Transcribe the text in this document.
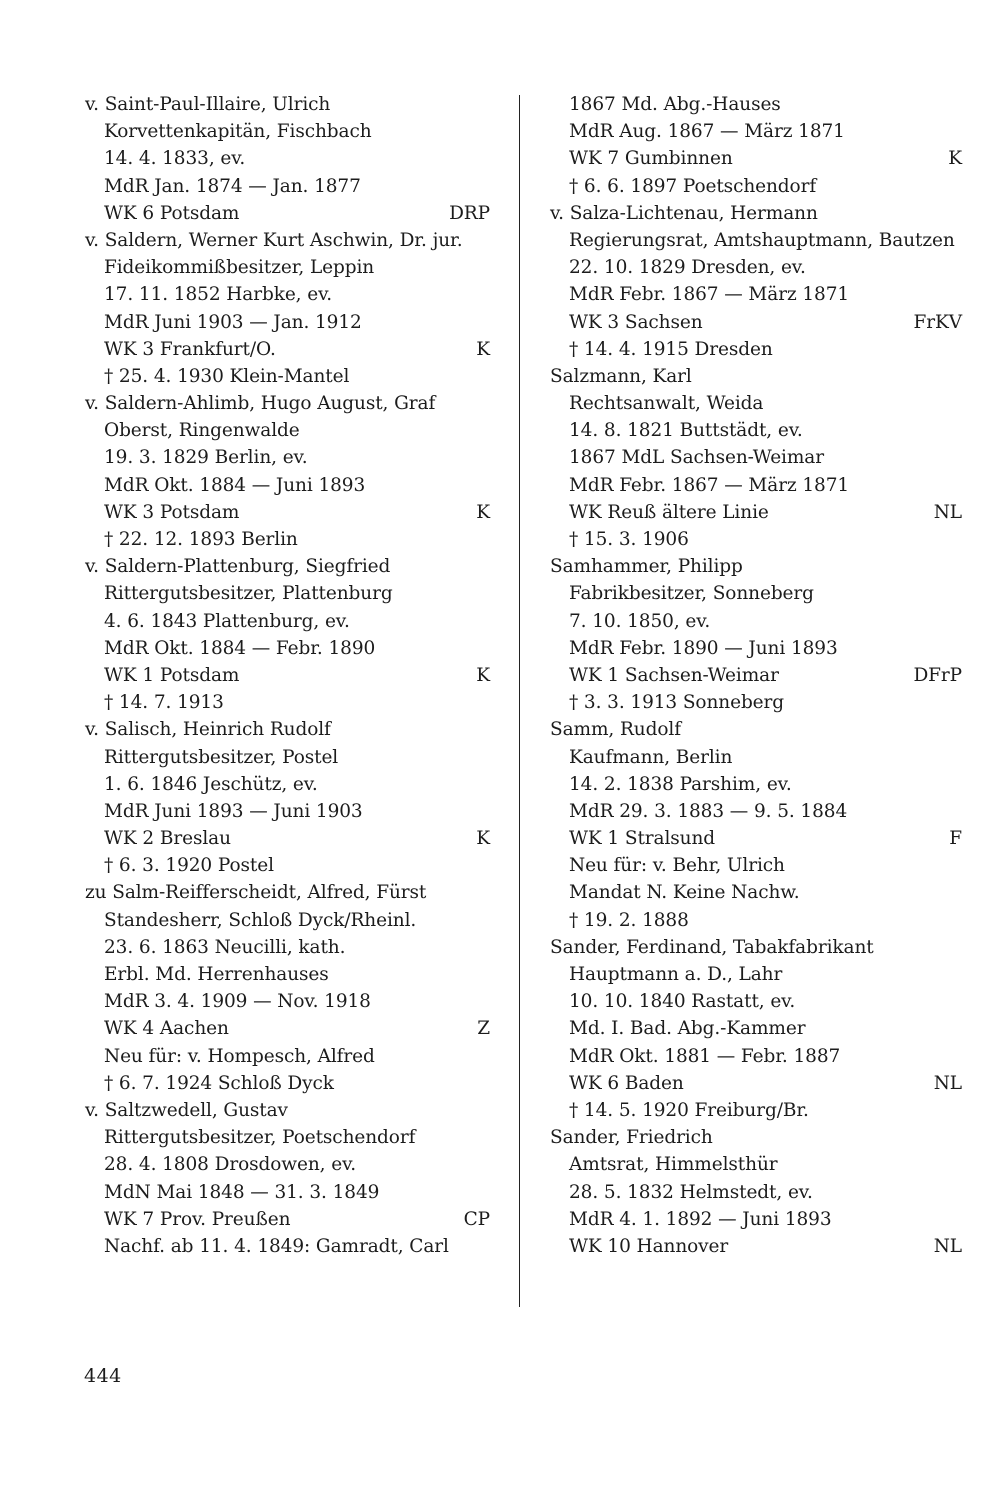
v. Saint-Paul-Illaire, Ulrich
Korvettenkapitän, Fischbach
14. 4. 1833, ev.
MdR Jan. 1874 — Jan. 1877
WK 6 Potsdam	DRP
v. Saldern, Werner Kurt Aschwin, Dr. jur.
Fideikommißbesitzer, Leppin
17. 11. 1852 Harbke, ev.
MdR Juni 1903 — Jan. 1912
WK 3 Frankfurt/O.	K
† 25. 4. 1930 Klein-Mantel
v. Saldern-Ahlimb, Hugo August, Graf
Oberst, Ringenwalde
19. 3. 1829 Berlin, ev.
MdR Okt. 1884 — Juni 1893
WK 3 Potsdam	K
† 22. 12. 1893 Berlin
v. Saldern-Plattenburg, Siegfried
Rittergutsbesitzer, Plattenburg
4. 6. 1843 Plattenburg, ev.
MdR Okt. 1884 — Febr. 1890
WK 1 Potsdam	K
† 14. 7. 1913
v. Salisch, Heinrich Rudolf
Rittergutsbesitzer, Postel
1. 6. 1846 Jeschütz, ev.
MdR Juni 1893 — Juni 1903
WK 2 Breslau	K
† 6. 3. 1920 Postel
zu Salm-Reifferscheidt, Alfred, Fürst
Standesherr, Schloß Dyck/Rheinl.
23. 6. 1863 Neucilli, kath.
Erbl. Md. Herrenhauses
MdR 3. 4. 1909 — Nov. 1918
WK 4 Aachen	Z
Neu für: v. Hompesch, Alfred
† 6. 7. 1924 Schloß Dyck
v. Saltzwedell, Gustav
Rittergutsbesitzer, Poetschendorf
28. 4. 1808 Drosdowen, ev.
MdN Mai 1848 — 31. 3. 1849
WK 7 Prov. Preußen	CP
Nachf. ab 11. 4. 1849: Gamradt, Carl
1867 Md. Abg.-Hauses
MdR Aug. 1867 — März 1871
WK 7 Gumbinnen	K
† 6. 6. 1897 Poetschendorf
v. Salza-Lichtenau, Hermann
Regierungsrat, Amtshauptmann, Bautzen
22. 10. 1829 Dresden, ev.
MdR Febr. 1867 — März 1871
WK 3 Sachsen	FrKV
† 14. 4. 1915 Dresden
Salzmann, Karl
Rechtsanwalt, Weida
14. 8. 1821 Buttstädt, ev.
1867 MdL Sachsen-Weimar
MdR Febr. 1867 — März 1871
WK Reuß ältere Linie	NL
† 15. 3. 1906
Samhammer, Philipp
Fabrikbesitzer, Sonneberg
7. 10. 1850, ev.
MdR Febr. 1890 — Juni 1893
WK 1 Sachsen-Weimar	DFrP
† 3. 3. 1913 Sonneberg
Samm, Rudolf
Kaufmann, Berlin
14. 2. 1838 Parshim, ev.
MdR 29. 3. 1883 — 9. 5. 1884
WK 1 Stralsund	F
Neu für: v. Behr, Ulrich
Mandat N. Keine Nachw.
† 19. 2. 1888
Sander, Ferdinand, Tabakfabrikant
Hauptmann a. D., Lahr
10. 10. 1840 Rastatt, ev.
Md. I. Bad. Abg.-Kammer
MdR Okt. 1881 — Febr. 1887
WK 6 Baden	NL
† 14. 5. 1920 Freiburg/Br.
Sander, Friedrich
Amtsrat, Himmelsthür
28. 5. 1832 Helmstedt, ev.
MdR 4. 1. 1892 — Juni 1893
WK 10 Hannover	NL
444
